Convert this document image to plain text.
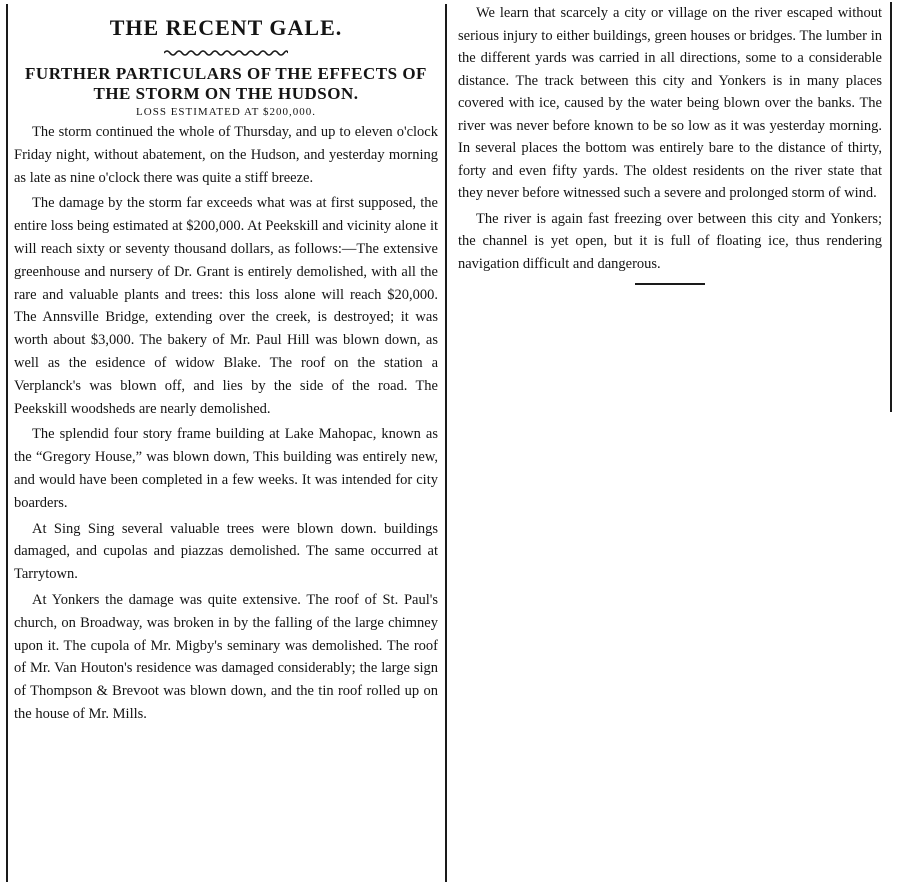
THE RECENT GALE.
FURTHER PARTICULARS OF THE EFFECTS OF THE STORM ON THE HUDSON.
LOSS ESTIMATED AT $200,000.

The storm continued the whole of Thursday, and up to eleven o'clock Friday night, without abatement, on the Hudson, and yesterday morning as late as nine o'clock there was quite a stiff breeze.

The damage by the storm far exceeds what was at first supposed, the entire loss being estimated at $200,000. At Peekskill and vicinity alone it will reach sixty or seventy thousand dollars, as follows:—The extensive greenhouse and nursery of Dr. Grant is entirely demolished, with all the rare and valuable plants and trees: this loss alone will reach $20,000. The Annsville Bridge, extending over the creek, is destroyed; it was worth about $3,000. The bakery of Mr. Paul Hill was blown down, as well as the esidence of widow Blake. The roof on the station a Verplanck's was blown off, and lies by the side of the road. The Peekskill woodsheds are nearly demolished.

The splendid four story frame building at Lake Mahopac, known as the “Gregory House,” was blown down, This building was entirely new, and would have been completed in a few weeks. It was intended for city boarders.

At Sing Sing several valuable trees were blown down. buildings damaged, and cupolas and piazzas demolished. The same occurred at Tarrytown.

At Yonkers the damage was quite extensive. The roof of St. Paul's church, on Broadway, was broken in by the falling of the large chimney upon it. The cupola of Mr. Migby's seminary was demolished. The roof of Mr. Van Houton's residence was damaged considerably; the large sign of Thompson & Brevoot was blown down, and the tin roof rolled up on the house of Mr. Mills.

We learn that scarcely a city or village on the river escaped without serious injury to either buildings, green houses or bridges. The lumber in the different yards was carried in all directions, some to a considerable distance. The track between this city and Yonkers is in many places covered with ice, caused by the water being blown over the banks. The river was never before known to be so low as it was yesterday morning. In several places the bottom was entirely bare to the distance of thirty, forty and even fifty yards. The oldest residents on the river state that they never before witnessed such a severe and prolonged storm of wind.

The river is again fast freezing over between this city and Yonkers; the channel is yet open, but it is full of floating ice, thus rendering navigation difficult and dangerous.
